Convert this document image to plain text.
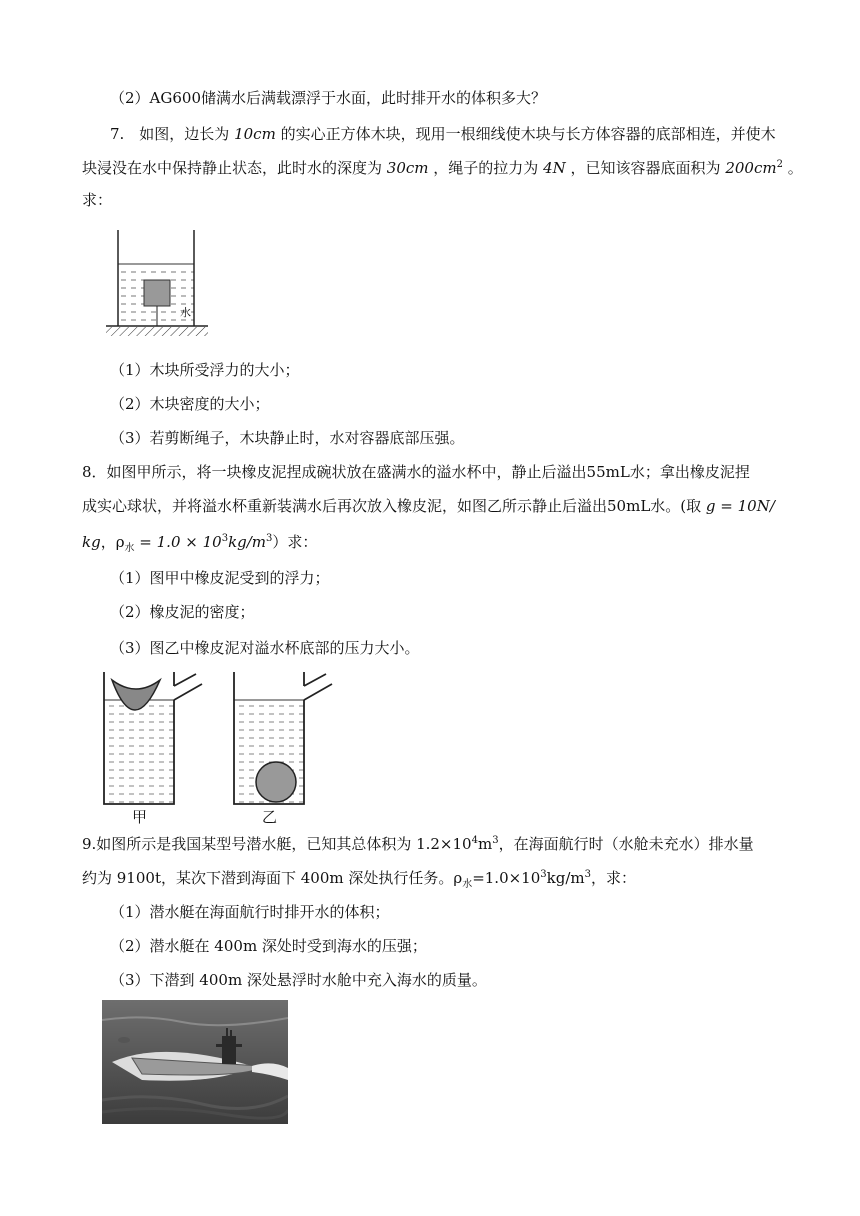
（2）AG600储满水后满载漂浮于水面，此时排开水的体积多大？
7.　如图，边长为 10cm 的实心正方体木块，现用一根细线使木块与长方体容器的底部相连，并使木
块浸没在水中保持静止状态，此时水的深度为 30cm ，绳子的拉力为 4N ，已知该容器底面积为 $200cm^2$ 。
求：
水
（1）木块所受浮力的大小；
（2）木块密度的大小；
（3）若剪断绳子，木块静止时，水对容器底部压强。
8．如图甲所示，将一块橡皮泥捏成碗状放在盛满水的溢水杯中，静止后溢出55mL水；拿出橡皮泥捏
成实心球状，并将溢水杯重新装满水后再次放入橡皮泥，如图乙所示静止后溢出50mL水。(取 g = 10N/
kg，$\rho_水 = 1.0 \times 10^3kg/m^3$）求：
（1）图甲中橡皮泥受到的浮力；
（2）橡皮泥的密度；
（3）图乙中橡皮泥对溢水杯底部的压力大小。
甲	乙
9.如图所示是我国某型号潜水艇，已知其总体积为 $1.2\times 10^4m^3$，在海面航行时（水舱未充水）排水量
约为 9100t，某次下潜到海面下 400m 深处执行任务。$\rho_水=1.0\times 10^3kg/m^3$，求：
（1）潜水艇在海面航行时排开水的体积；
（2）潜水艇在 400m 深处时受到海水的压强；
（3）下潜到 400m 深处悬浮时水舱中充入海水的质量。
